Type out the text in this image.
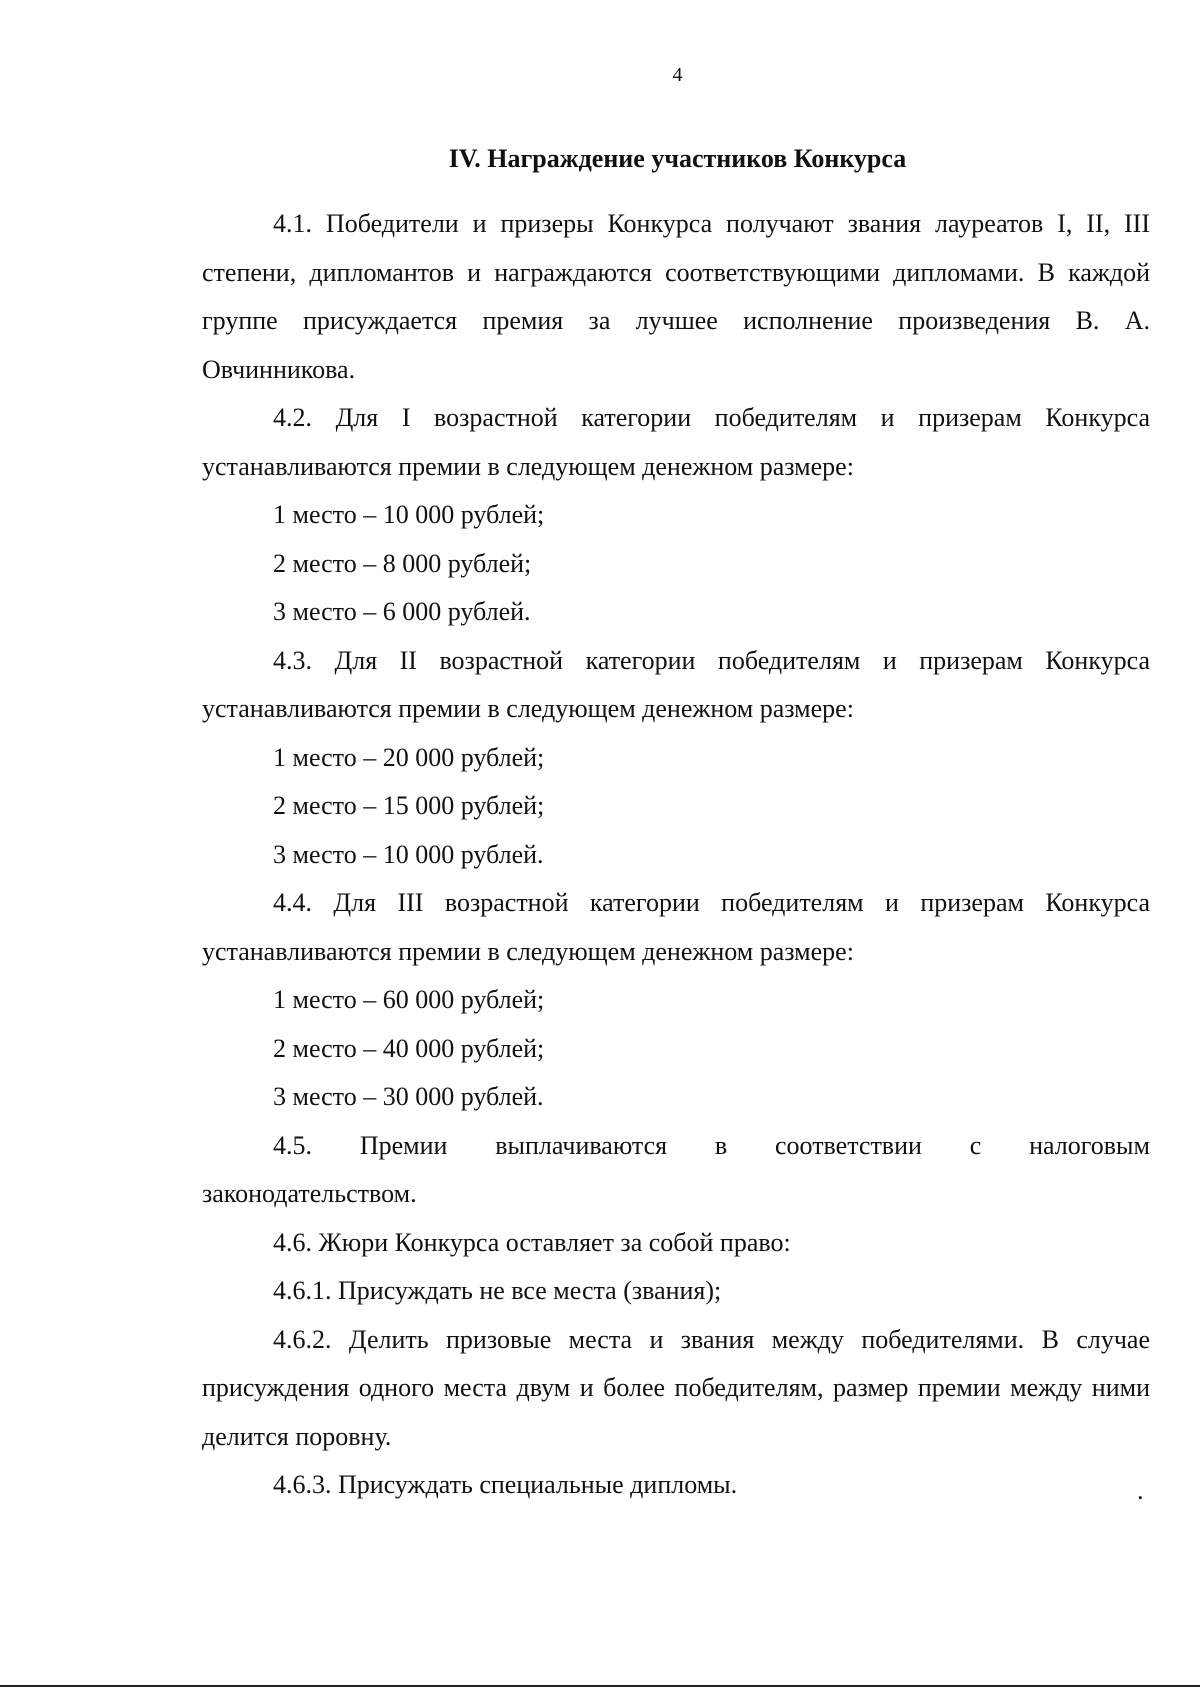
4
IV. Награждение участников Конкурса

4.1. Победители и призеры Конкурса получают звания лауреатов I, II, III степени, дипломантов и награждаются соответствующими дипломами. В каждой группе присуждается премия за лучшее исполнение произведения В. А. Овчинникова.

4.2. Для I возрастной категории победителям и призерам Конкурса устанавливаются премии в следующем денежном размере:

1 место – 10 000 рублей;

2 место – 8 000 рублей;

3 место – 6 000 рублей.

4.3. Для II возрастной категории победителям и призерам Конкурса устанавливаются премии в следующем денежном размере:

1 место – 20 000 рублей;

2 место – 15 000 рублей;

3 место – 10 000 рублей.

4.4. Для III возрастной категории победителям и призерам Конкурса устанавливаются премии в следующем денежном размере:

1 место – 60 000 рублей;

2 место – 40 000 рублей;

3 место – 30 000 рублей.

4.5. Премии выплачиваются в соответствии с налоговым

законодательством.

4.6. Жюри Конкурса оставляет за собой право:

4.6.1. Присуждать не все места (звания);

4.6.2. Делить призовые места и звания между победителями. В случае присуждения одного места двум и более победителям, размер премии между ними делится поровну.

4.6.3. Присуждать специальные дипломы.	.
